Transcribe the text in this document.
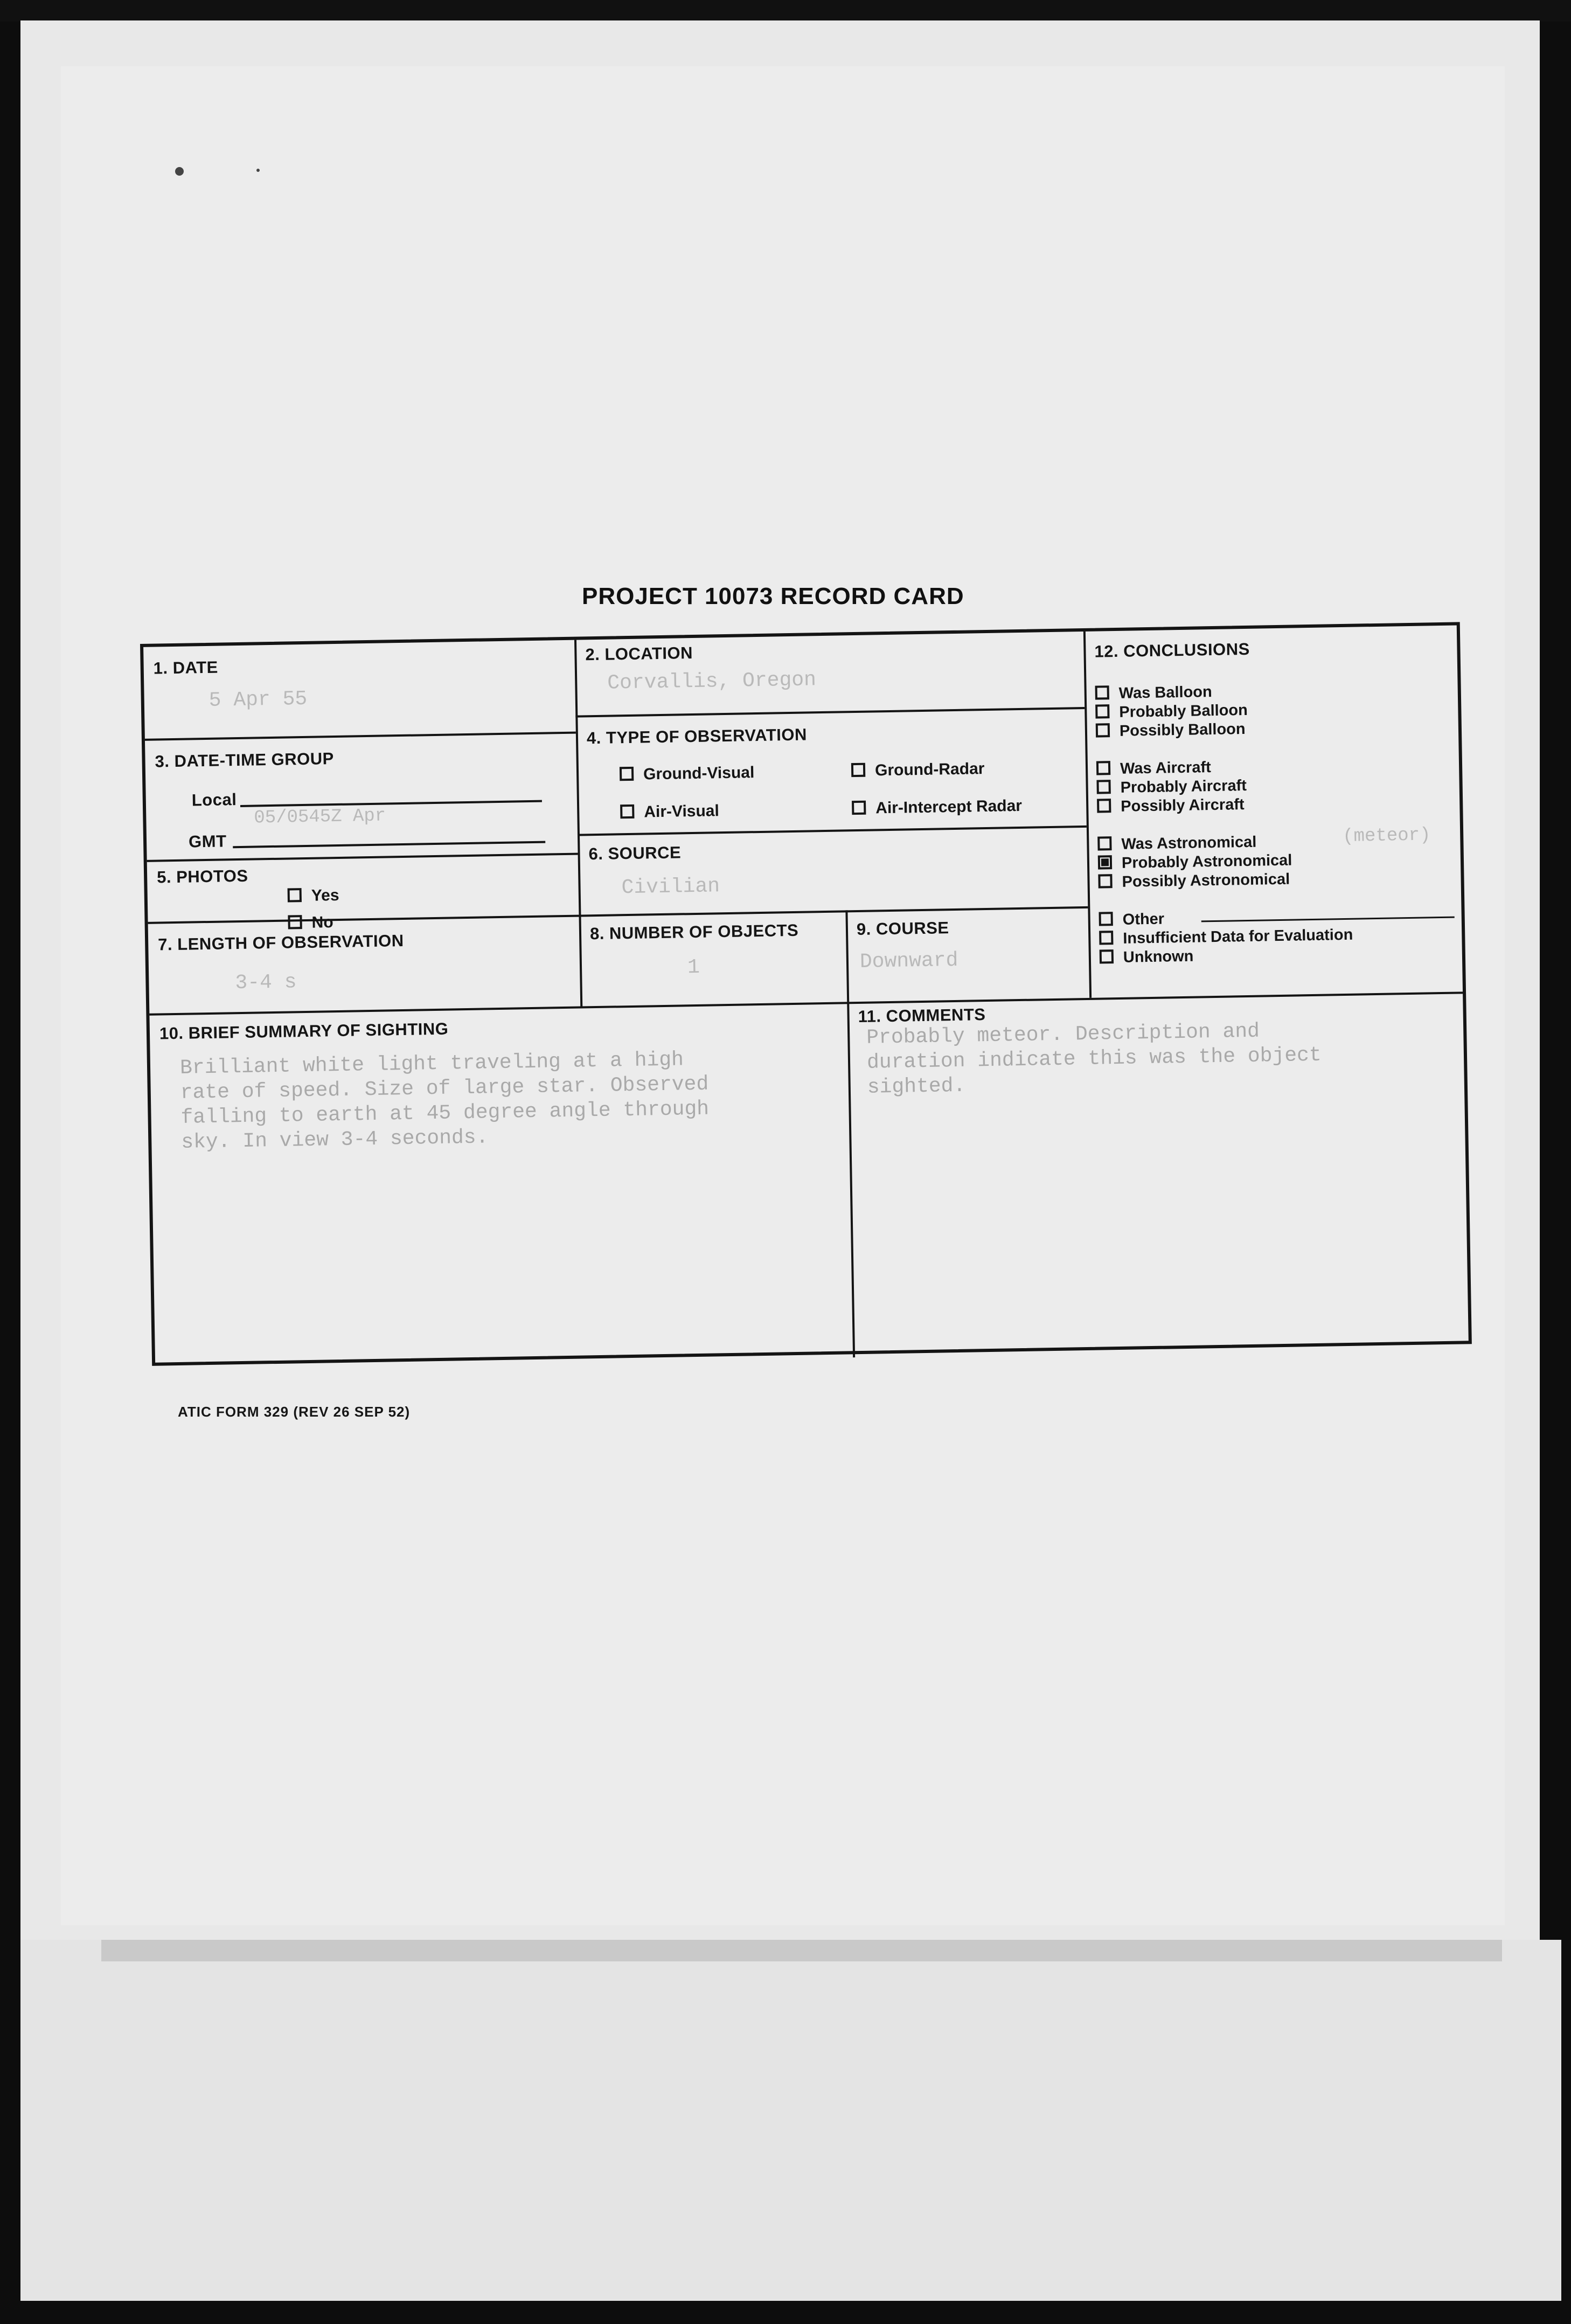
PROJECT 10073 RECORD CARD
1. DATE
5 Apr 55
2. LOCATION
Corvallis, Oregon
3. DATE-TIME GROUP
Local
05/0545Z Apr
GMT
4. TYPE OF OBSERVATION
Ground-Visual	Ground-Radar
Air-Visual	Air-Intercept Radar
5. PHOTOS
Yes
No
6. SOURCE
Civilian
7. LENGTH OF OBSERVATION
3-4 s
8. NUMBER OF OBJECTS
1
9. COURSE
Downward
10. BRIEF SUMMARY OF SIGHTING
Brilliant white light traveling at a high
rate of speed. Size of large star. Observed
falling to earth at 45 degree angle through
sky. In view 3-4 seconds.
11. COMMENTS
Probably meteor. Description and
duration indicate this was the object
sighted.
12. CONCLUSIONS
Was Balloon
Probably Balloon
Possibly Balloon
Was Aircraft
Probably Aircraft
Possibly Aircraft
Was Astronomical
Probably Astronomical
Possibly Astronomical
Other
Insufficient Data for Evaluation
Unknown
(meteor)
ATIC FORM 329 (REV 26 SEP 52)
